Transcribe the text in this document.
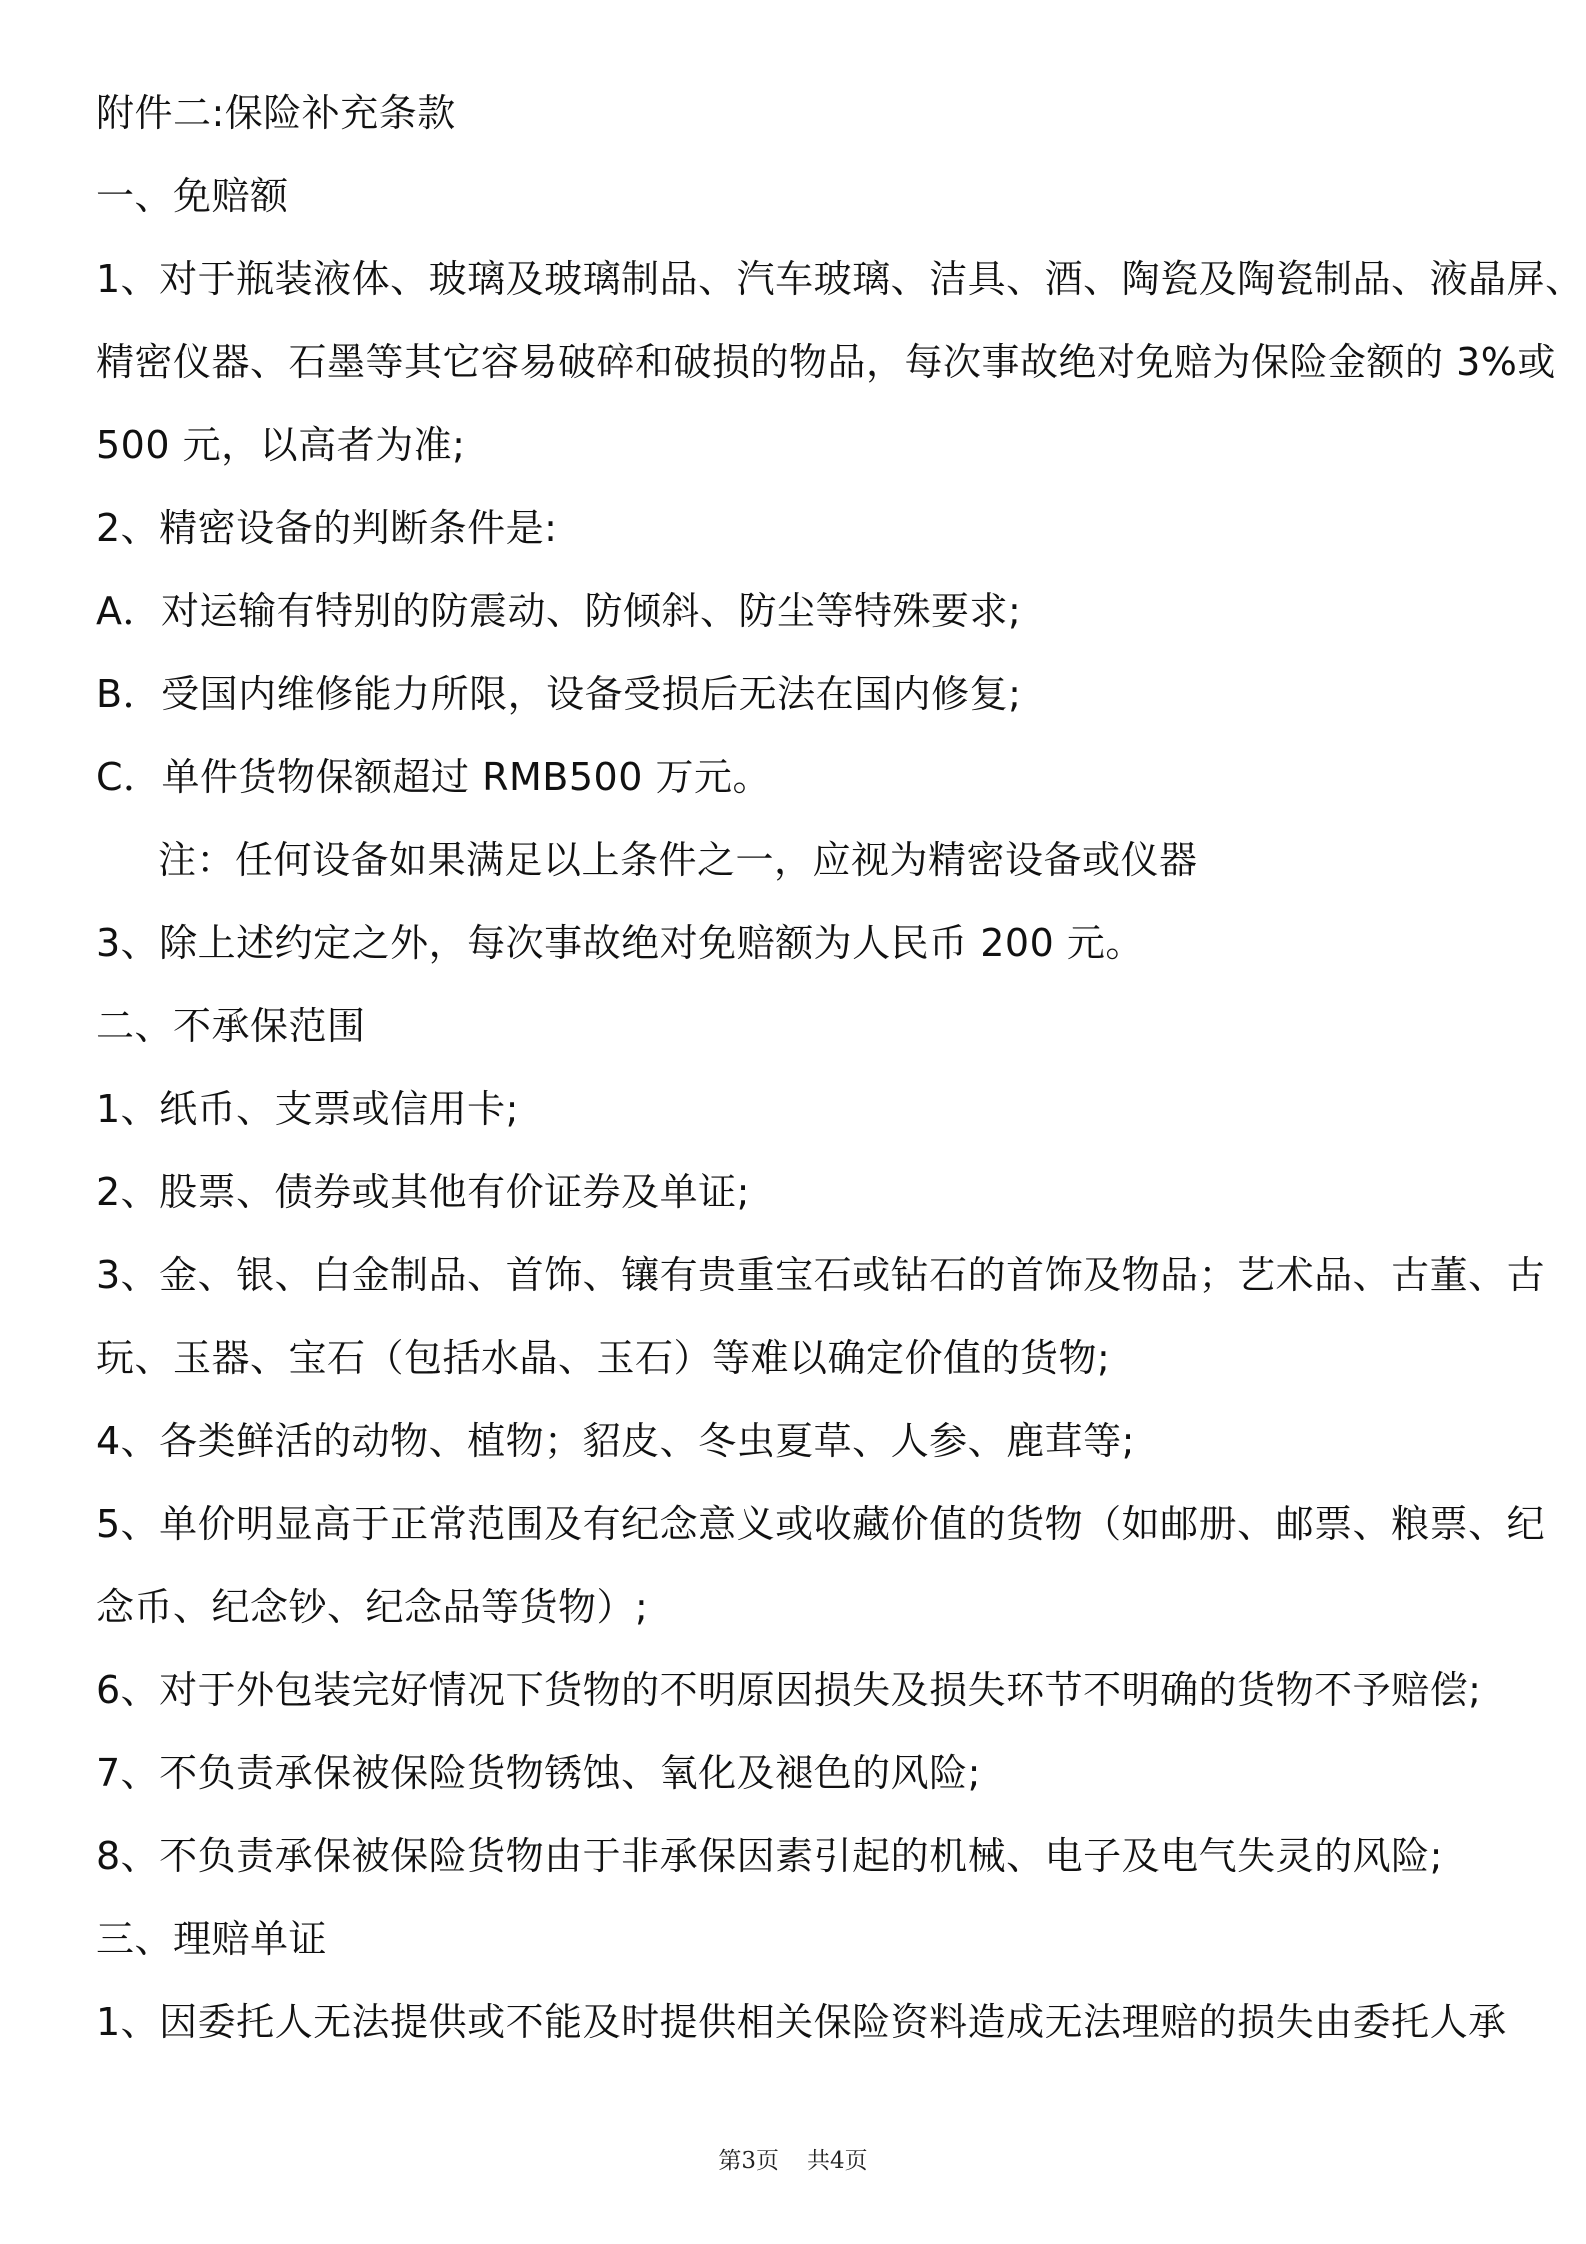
附件二:保险补充条款
一、免赔额
1、对于瓶装液体、玻璃及玻璃制品、汽车玻璃、洁具、酒、陶瓷及陶瓷制品、液晶屏、
精密仪器、石墨等其它容易破碎和破损的物品，每次事故绝对免赔为保险金额的 3%或
500 元，以高者为准;
2、精密设备的判断条件是:
A．对运输有特别的防震动、防倾斜、防尘等特殊要求;
B．受国内维修能力所限，设备受损后无法在国内修复;
C．单件货物保额超过 RMB500 万元。
注：任何设备如果满足以上条件之一，应视为精密设备或仪器
3、除上述约定之外，每次事故绝对免赔额为人民币 200 元。
二、不承保范围
1、纸币、支票或信用卡;
2、股票、债券或其他有价证券及单证;
3、金、银、白金制品、首饰、镶有贵重宝石或钻石的首饰及物品；艺术品、古董、古
玩、玉器、宝石（包括水晶、玉石）等难以确定价值的货物;
4、各类鲜活的动物、植物；貂皮、冬虫夏草、人参、鹿茸等;
5、单价明显高于正常范围及有纪念意义或收藏价值的货物（如邮册、邮票、粮票、纪
念币、纪念钞、纪念品等货物）;
6、对于外包装完好情况下货物的不明原因损失及损失环节不明确的货物不予赔偿;
7、不负责承保被保险货物锈蚀、氧化及褪色的风险;
8、不负责承保被保险货物由于非承保因素引起的机械、电子及电气失灵的风险;
三、理赔单证
1、因委托人无法提供或不能及时提供相关保险资料造成无法理赔的损失由委托人承
第3页 共4页
